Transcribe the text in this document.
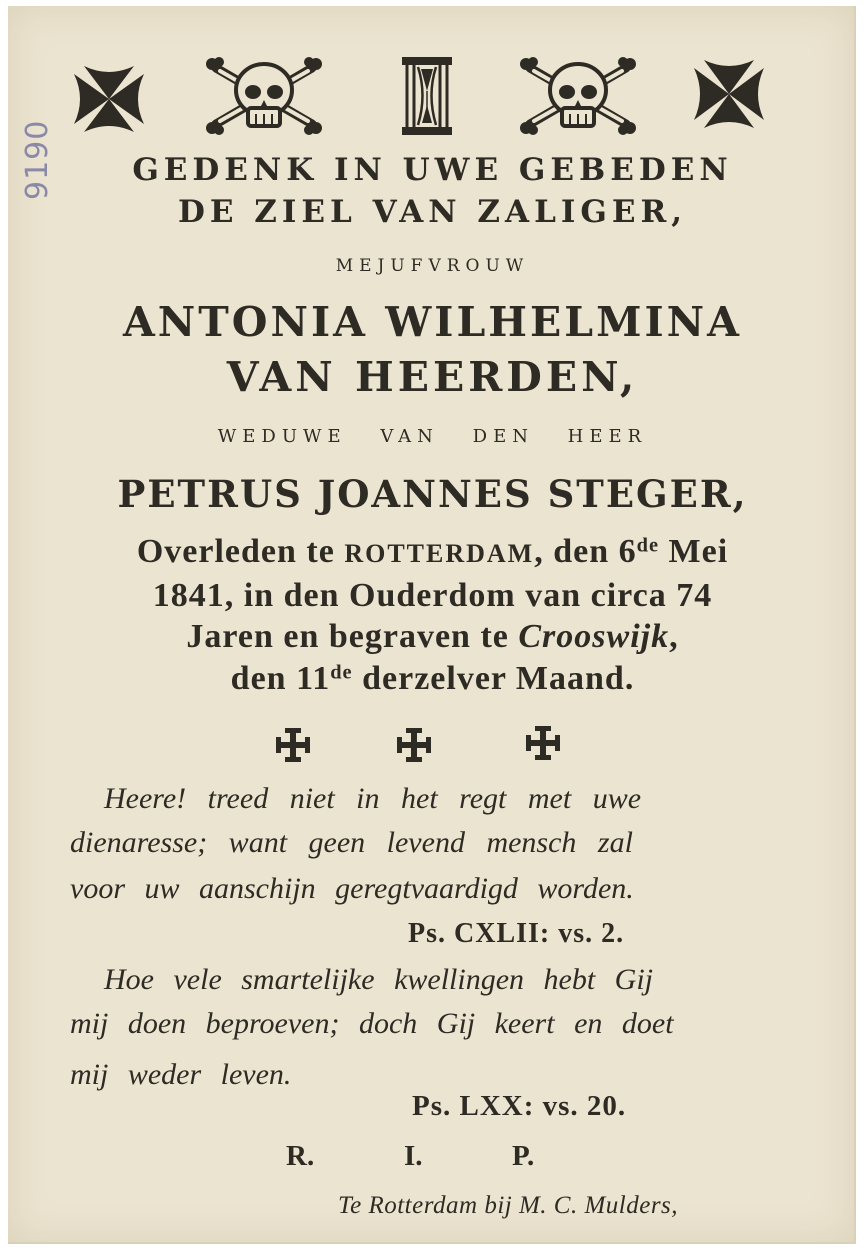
9190	GEDENK IN UWE GEBEDEN
DE ZIEL VAN ZALIGER,
MEJUFVROUW
ANTONIA WILHELMINA
VAN HEERDEN,
WEDUWE VAN DEN HEER
PETRUS JOANNES STEGER,
Overleden te ROTTERDAM, den 6de Mei
1841, in den Ouderdom van circa 74
Jaren en begraven te Crooswijk,
den 11de derzelver Maand.
Heere! treed niet in het regt met uwe
dienaresse; want geen levend mensch zal
voor uw aanschijn geregtvaardigd worden.
Ps. CXLII: vs. 2.
Hoe vele smartelijke kwellingen hebt Gij
mij doen beproeven; doch Gij keert en doet
mij weder leven.
Ps. LXX: vs. 20.
R.	I.	P.
Te Rotterdam bij M. C. Mulders,
